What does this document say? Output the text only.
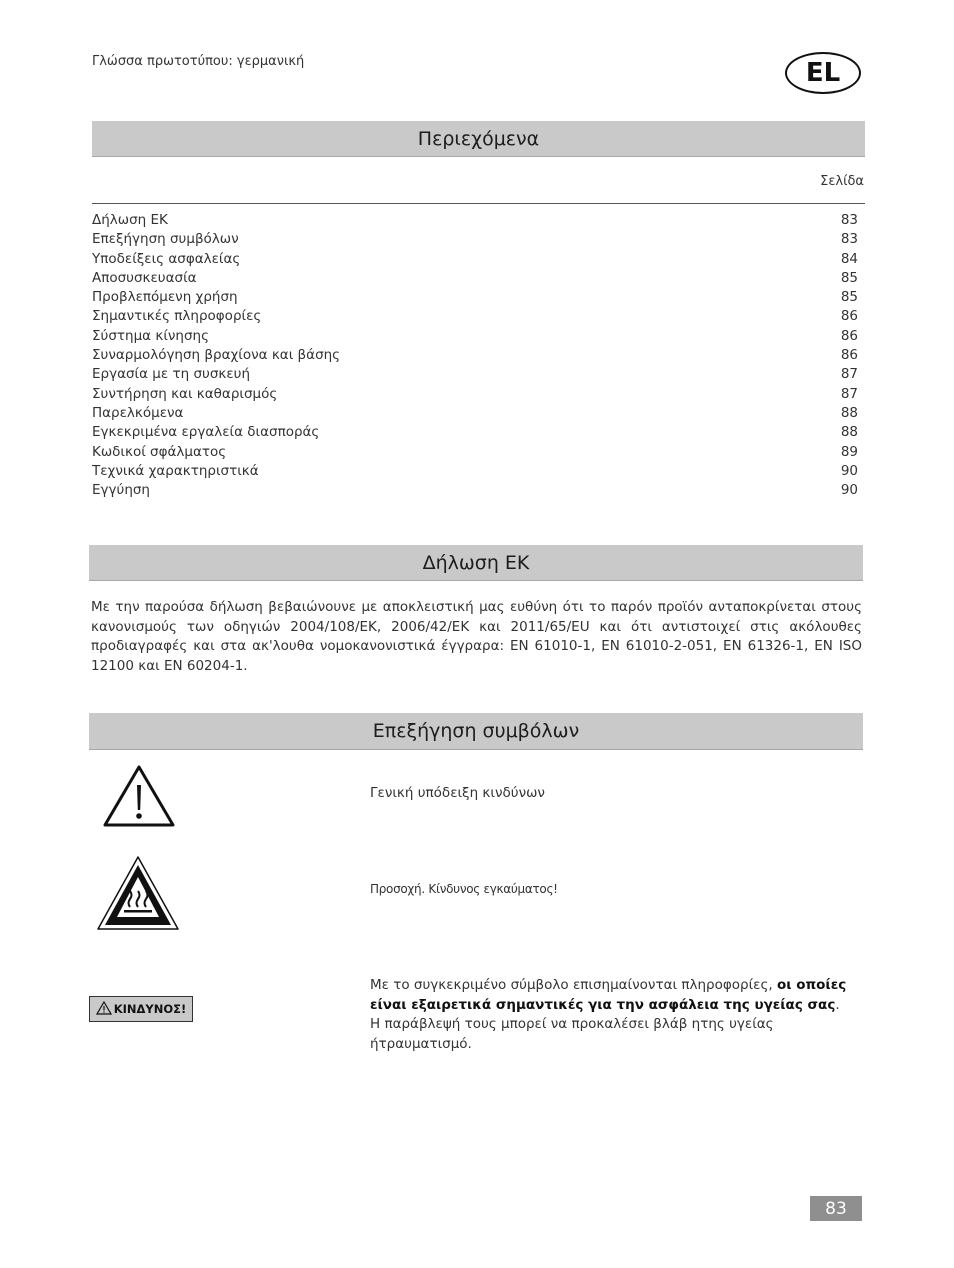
Γλώσσα πρωτοτύπου: γερμανική	EL
Περιεχόμενα
Σελίδα
Δήλωση ΕΚ	83
Επεξήγηση συμβόλων	83
Υποδείξεις ασφαλείας	84
Αποσυσκευασία	85
Προβλεπόμενη χρήση	85
Σημαντικές πληροφορίες	86
Σύστημα κίνησης	86
Συναρμολόγηση βραχίονα και βάσης	86
Εργασία με τη συσκευή	87
Συντήρηση και καθαρισμός	87
Παρελκόμενα	88
Εγκεκριμένα εργαλεία διασποράς	88
Κωδικοί σφάλματος	89
Τεχνικά χαρακτηριστικά	90
Εγγύηση	90
Δήλωση ΕΚ
Με την παρούσα δήλωση βεβαιώνουνε με αποκλειστική μας ευθύνη ότι το παρόν προϊόν ανταποκρίνεται στους κανονισμούς των οδηγιών 2004/108/ΕΚ, 2006/42/ΕΚ και 2011/65/EU και ότι αντιστοιχεί στις ακόλουθες προδιαγραφές και στα ακ'λουθα νομοκανονιστικά έγγραρα: EN 61010-1, EN 61010-2-051, EN 61326-1, EN ISO 12100 και EN 60204-1.
Επεξήγηση συμβόλων
Γενική υπόδειξη κινδύνων
Προσοχή. Κίνδυνος εγκαύματος!
ΚΙΝΔΥΝΟΣ!
Με το συγκεκριμένο σύμβολο επισημαίνονται πληροφορίες, οι οποίες είναι εξαιρετικά σημαντικές για την ασφάλεια της υγείας σας.
Η παράβλεψή τους μπορεί να προκαλέσει βλάβ ητης υγείας ήτραυματισμό.
83
